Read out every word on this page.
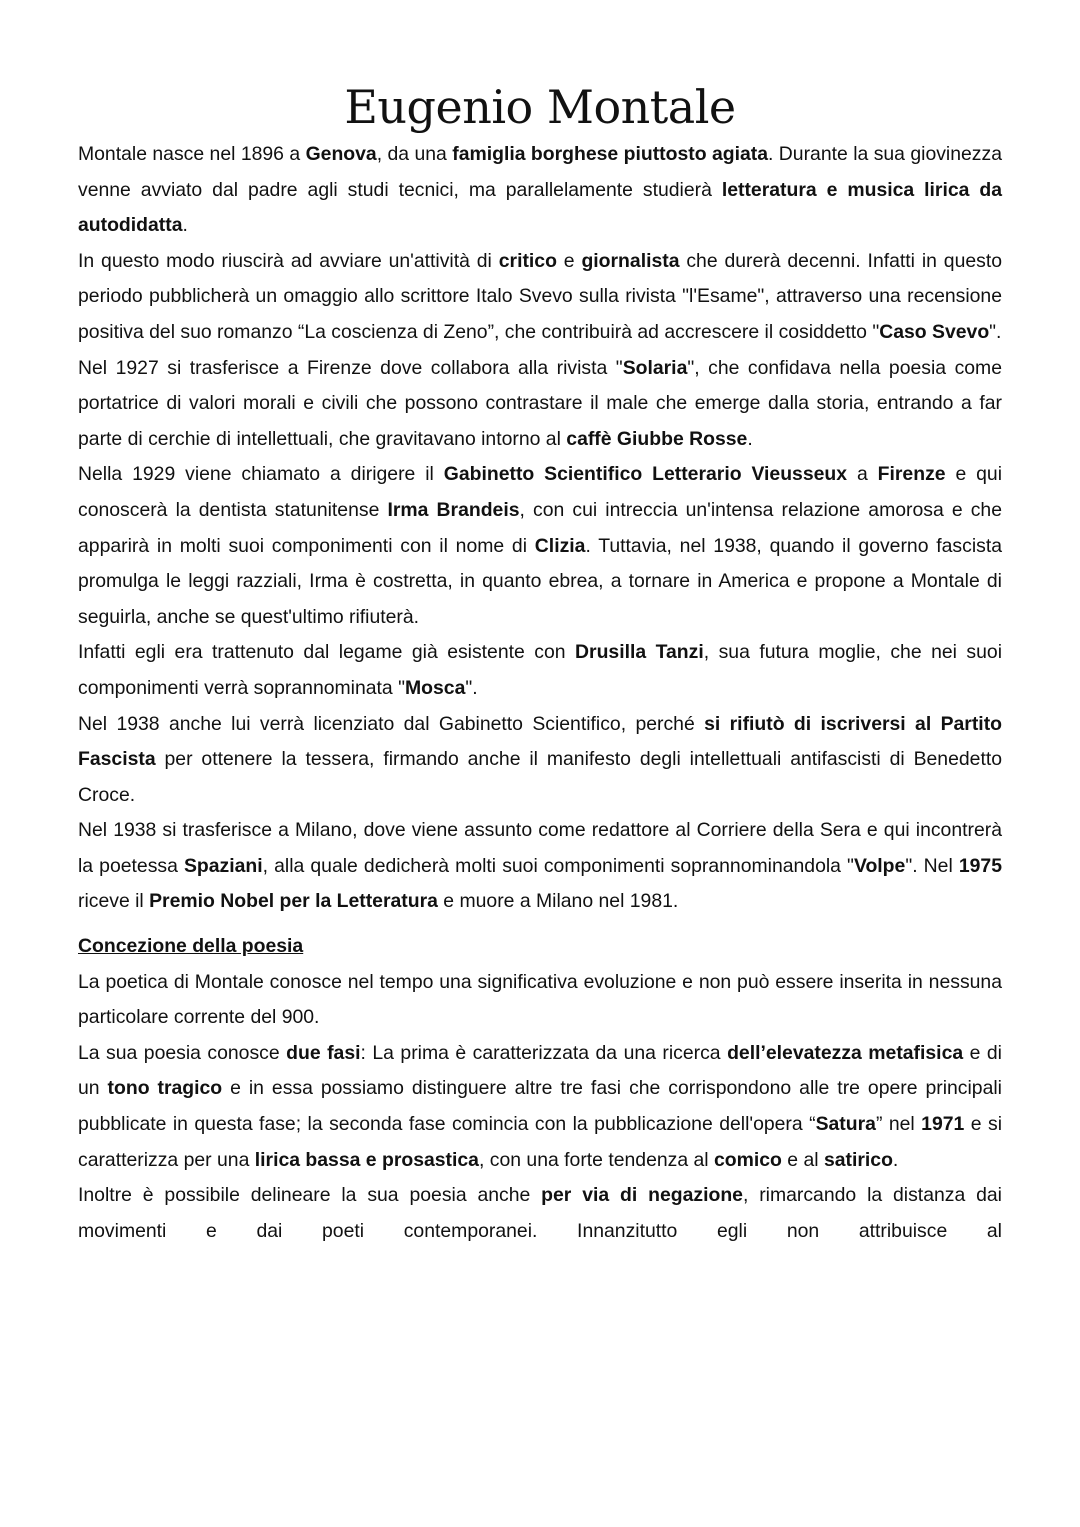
Eugenio Montale

Montale nasce nel 1896 a Genova, da una famiglia borghese piuttosto agiata. Durante la sua giovinezza venne avviato dal padre agli studi tecnici, ma parallelamente studierà letteratura e musica lirica da autodidatta.

In questo modo riuscirà ad avviare un'attività di critico e giornalista che durerà decenni. Infatti in questo periodo pubblicherà un omaggio allo scrittore Italo Svevo sulla rivista "l'Esame", attraverso una recensione positiva del suo romanzo “La coscienza di Zeno”, che contribuirà ad accrescere il cosiddetto "Caso Svevo".

Nel 1927 si trasferisce a Firenze dove collabora alla rivista "Solaria", che confidava nella poesia come portatrice di valori morali e civili che possono contrastare il male che emerge dalla storia, entrando a far parte di cerchie di intellettuali, che gravitavano intorno al caffè Giubbe Rosse.

Nella 1929 viene chiamato a dirigere il Gabinetto Scientifico Letterario Vieusseux a Firenze e qui conoscerà la dentista statunitense Irma Brandeis, con cui intreccia un'intensa relazione amorosa e che apparirà in molti suoi componimenti con il nome di Clizia. Tuttavia, nel 1938, quando il governo fascista promulga le leggi razziali, Irma è costretta, in quanto ebrea, a tornare in America e propone a Montale di seguirla, anche se quest'ultimo rifiuterà.

Infatti egli era trattenuto dal legame già esistente con Drusilla Tanzi, sua futura moglie, che nei suoi componimenti verrà soprannominata "Mosca".

Nel 1938 anche lui verrà licenziato dal Gabinetto Scientifico, perché si rifiutò di iscriversi al Partito Fascista per ottenere la tessera, firmando anche il manifesto degli intellettuali antifascisti di Benedetto Croce.

Nel 1938 si trasferisce a Milano, dove viene assunto come redattore al Corriere della Sera e qui incontrerà la poetessa Spaziani, alla quale dedicherà molti suoi componimenti soprannominandola "Volpe". Nel 1975 riceve il Premio Nobel per la Letteratura e muore a Milano nel 1981.

Concezione della poesia

La poetica di Montale conosce nel tempo una significativa evoluzione e non può essere inserita in nessuna particolare corrente del 900.

La sua poesia conosce due fasi: La prima è caratterizzata da una ricerca dell’elevatezza metafisica e di un tono tragico e in essa possiamo distinguere altre tre fasi che corrispondono alle tre opere principali pubblicate in questa fase; la seconda fase comincia con la pubblicazione dell'opera “Satura” nel 1971 e si caratterizza per una lirica bassa e prosastica, con una forte tendenza al comico e al satirico.

Inoltre è possibile delineare la sua poesia anche per via di negazione, rimarcando la distanza dai movimenti e dai poeti contemporanei. Innanzitutto egli non attribuisce al
